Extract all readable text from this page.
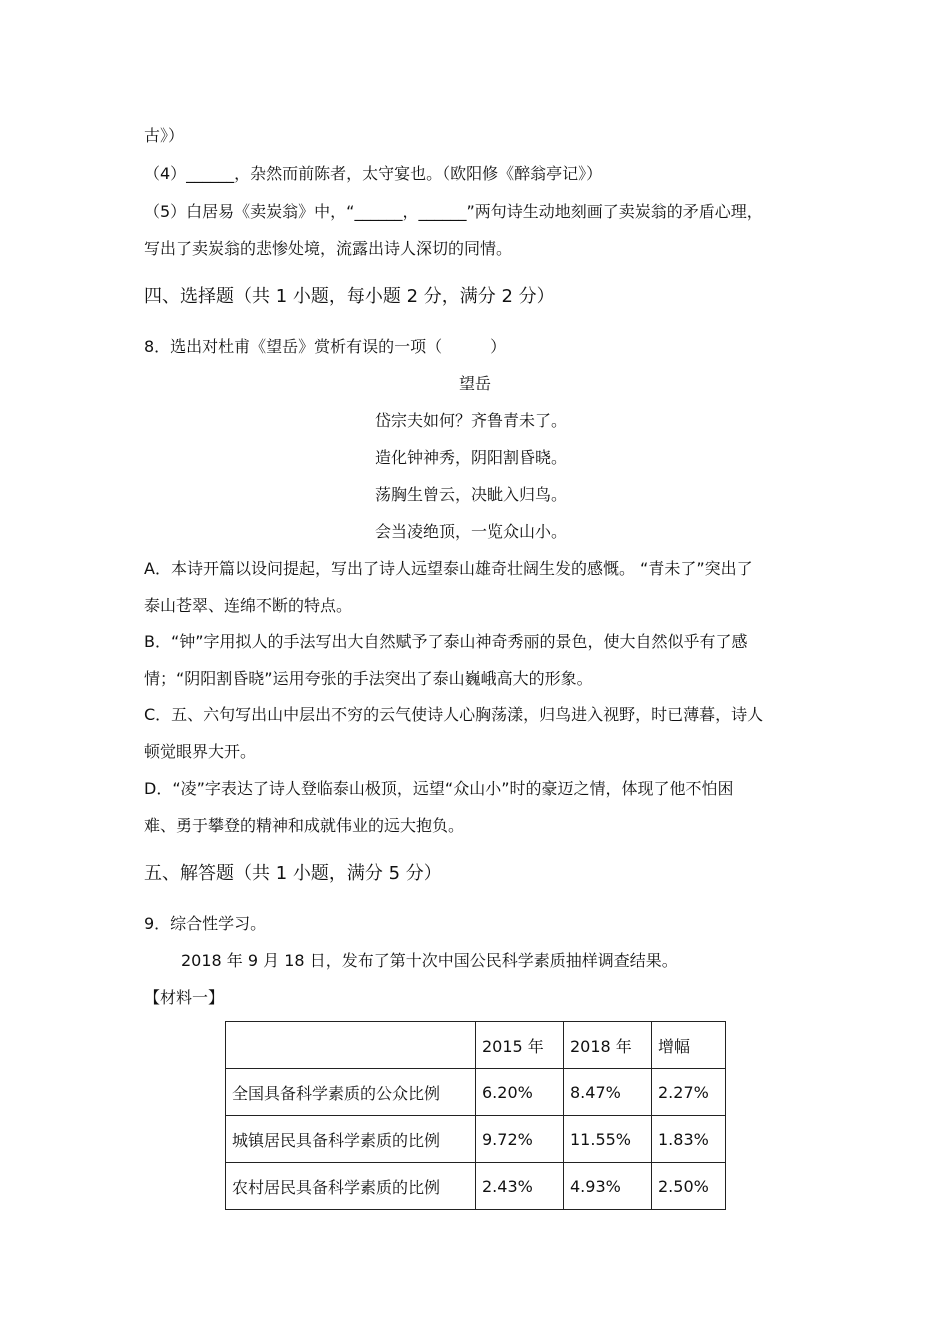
古》）
（4）______，杂然而前陈者，太守宴也。（欧阳修《醉翁亭记》）
（5）白居易《卖炭翁》中，“______，______”两句诗生动地刻画了卖炭翁的矛盾心理，
写出了卖炭翁的悲惨处境，流露出诗人深切的同情。
四、选择题（共 1 小题，每小题 2 分，满分 2 分）
8．选出对杜甫《望岳》赏析有误的一项（　　　）
望岳
岱宗夫如何？齐鲁青未了。
造化钟神秀，阴阳割昏晓。
荡胸生曾云，决眦入归鸟。
会当凌绝顶，一览众山小。
A．本诗开篇以设问提起，写出了诗人远望泰山雄奇壮阔生发的感慨。 “青未了”突出了
泰山苍翠、连绵不断的特点。
B．“钟”字用拟人的手法写出大自然赋予了泰山神奇秀丽的景色，使大自然似乎有了感
情；“阴阳割昏晓”运用夸张的手法突出了泰山巍峨高大的形象。
C．五、六句写出山中层出不穷的云气使诗人心胸荡漾，归鸟进入视野，时已薄暮，诗人
顿觉眼界大开。
D．“凌”字表达了诗人登临泰山极顶，远望“众山小”时的豪迈之情，体现了他不怕困
难、勇于攀登的精神和成就伟业的远大抱负。
五、解答题（共 1 小题，满分 5 分）
9．综合性学习。
2018 年 9 月 18 日，发布了第十次中国公民科学素质抽样调查结果。
【材料一】
	2015 年	2018 年	增幅
全国具备科学素质的公众比例	6.20%	8.47%	2.27%
城镇居民具备科学素质的比例	9.72%	11.55%	1.83%
农村居民具备科学素质的比例	2.43%	4.93%	2.50%
